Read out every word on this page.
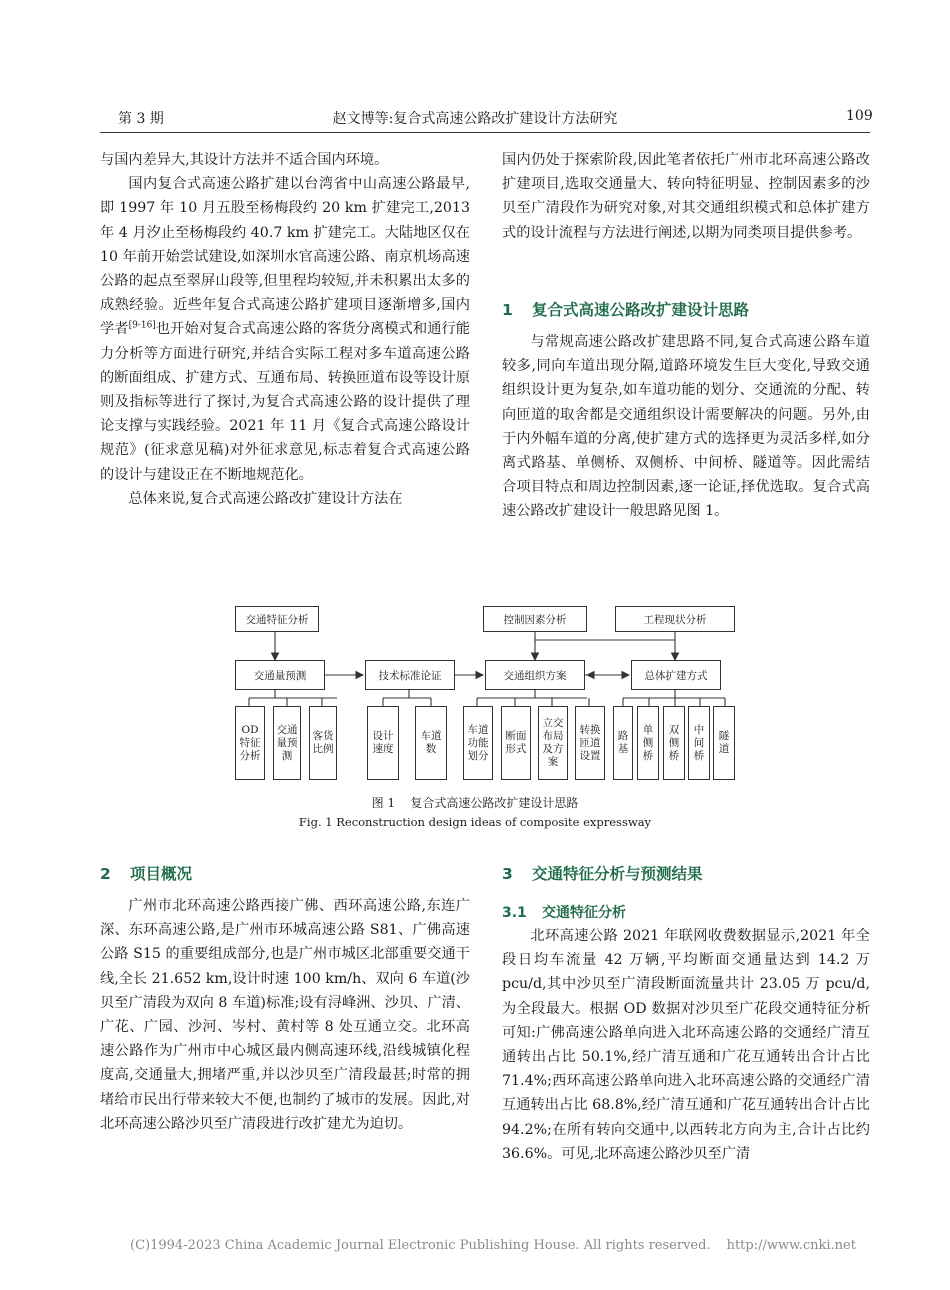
第 3 期	赵文博等:复合式高速公路改扩建设计方法研究	109

与国内差异大,其设计方法并不适合国内环境。

国内复合式高速公路扩建以台湾省中山高速公路最早,即 1997 年 10 月五股至杨梅段约 20 km 扩建完工,2013 年 4 月汐止至杨梅段约 40.7 km 扩建完工。大陆地区仅在 10 年前开始尝试建设,如深圳水官高速公路、南京机场高速公路的起点至翠屏山段等,但里程均较短,并未积累出太多的成熟经验。近些年复合式高速公路扩建项目逐渐增多,国内学者[9-16]也开始对复合式高速公路的客货分离模式和通行能力分析等方面进行研究,并结合实际工程对多车道高速公路的断面组成、扩建方式、互通布局、转换匝道布设等设计原则及指标等进行了探讨,为复合式高速公路的设计提供了理论支撑与实践经验。2021 年 11 月《复合式高速公路设计规范》(征求意见稿)对外征求意见,标志着复合式高速公路的设计与建设正在不断地规范化。

总体来说,复合式高速公路改扩建设计方法在

国内仍处于探索阶段,因此笔者依托广州市北环高速公路改扩建项目,选取交通量大、转向特征明显、控制因素多的沙贝至广清段作为研究对象,对其交通组织模式和总体扩建方式的设计流程与方法进行阐述,以期为同类项目提供参考。

1 复合式高速公路改扩建设计思路

与常规高速公路改扩建思路不同,复合式高速公路车道较多,同向车道出现分隔,道路环境发生巨大变化,导致交通组织设计更为复杂,如车道功能的划分、交通流的分配、转向匝道的取舍都是交通组织设计需要解决的问题。另外,由于内外幅车道的分离,使扩建方式的选择更为灵活多样,如分离式路基、单侧桥、双侧桥、中间桥、隧道等。因此需结合项目特点和周边控制因素,逐一论证,择优选取。复合式高速公路改扩建设计一般思路见图 1。

交通特征分析	控制因素分析	工程现状分析
交通量预测	技术标准论证	交通组织方案	总体扩建方式
OD
特征
分析
交通
量预
测
客货
比例
设计
速度
车道
数
车道
功能
划分
断面
形式
立交
布局
及方
案
转换
匝道
设置
路
基
单
侧
桥
双
侧
桥
中
间
桥
隧
道
图 1 复合式高速公路改扩建设计思路
Fig. 1 Reconstruction design ideas of composite expressway
2 项目概况

广州市北环高速公路西接广佛、西环高速公路,东连广深、东环高速公路,是广州市环城高速公路 S81、广佛高速公路 S15 的重要组成部分,也是广州市城区北部重要交通干线,全长 21.652 km,设计时速 100 km/h、双向 6 车道(沙贝至广清段为双向 8 车道)标准;设有浔峰洲、沙贝、广清、广花、广园、沙河、岑村、黄村等 8 处互通立交。北环高速公路作为广州市中心城区最内侧高速环线,沿线城镇化程度高,交通量大,拥堵严重,并以沙贝至广清段最甚;时常的拥堵给市民出行带来较大不便,也制约了城市的发展。因此,对北环高速公路沙贝至广清段进行改扩建尤为迫切。

3 交通特征分析与预测结果
3.1 交通特征分析

北环高速公路 2021 年联网收费数据显示,2021 年全段日均车流量 42 万辆,平均断面交通量达到 14.2 万 pcu/d,其中沙贝至广清段断面流量共计 23.05 万 pcu/d,为全段最大。根据 OD 数据对沙贝至广花段交通特征分析可知:广佛高速公路单向进入北环高速公路的交通经广清互通转出占比 50.1%,经广清互通和广花互通转出合计占比 71.4%;西环高速公路单向进入北环高速公路的交通经广清互通转出占比 68.8%,经广清互通和广花互通转出合计占比94.2%;在所有转向交通中,以西转北方向为主,合计占比约 36.6%。可见,北环高速公路沙贝至广清

(C)1994-2023 China Academic Journal Electronic Publishing House. All rights reserved. http://www.cnki.net
